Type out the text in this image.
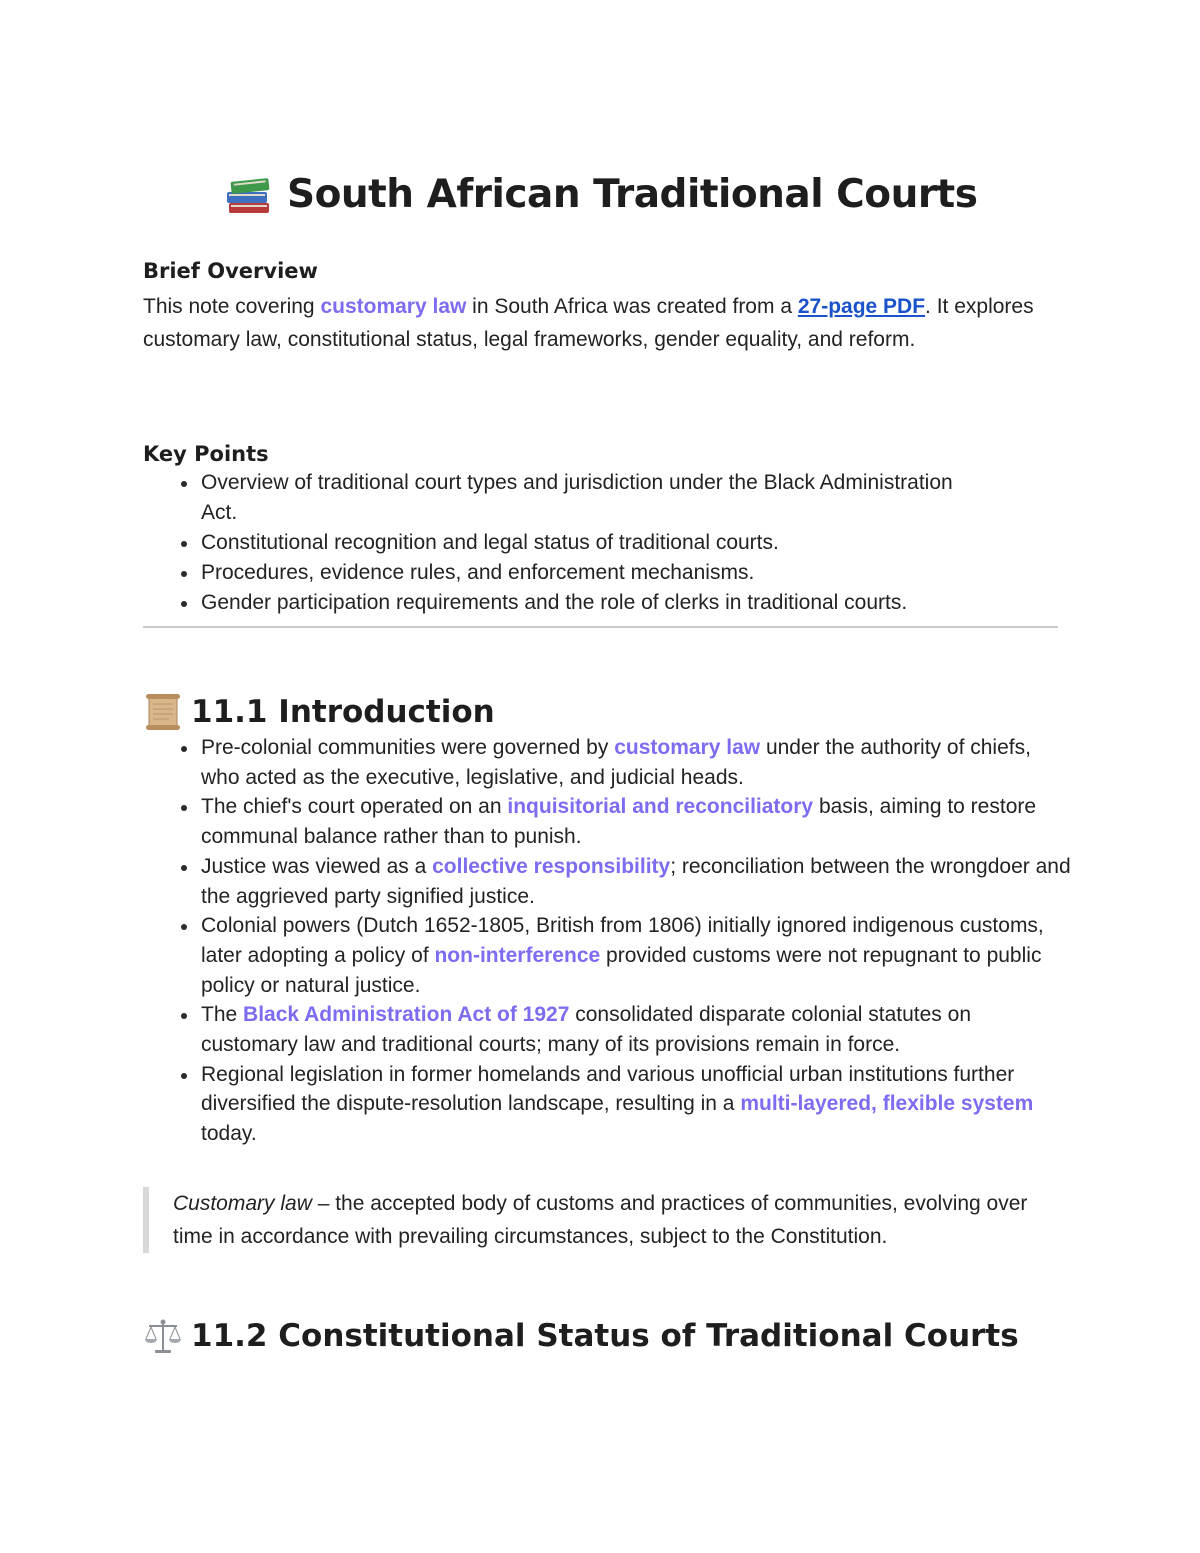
South African Traditional Courts
Brief Overview

This note covering customary law in South Africa was created from a 27-page PDF. It explores customary law, constitutional status, legal frameworks, gender equality, and reform.

Key Points
Overview of traditional court types and jurisdiction under the Black Administration Act.
Constitutional recognition and legal status of traditional courts.
Procedures, evidence rules, and enforcement mechanisms.
Gender participation requirements and the role of clerks in traditional courts.
11.1 Introduction
Pre-colonial communities were governed by customary law under the authority of chiefs, who acted as the executive, legislative, and judicial heads.
The chief's court operated on an inquisitorial and reconciliatory basis, aiming to restore communal balance rather than to punish.
Justice was viewed as a collective responsibility; reconciliation between the wrongdoer and the aggrieved party signified justice.
Colonial powers (Dutch 1652-1805, British from 1806) initially ignored indigenous customs, later adopting a policy of non-interference provided customs were not repugnant to public policy or natural justice.
The Black Administration Act of 1927 consolidated disparate colonial statutes on customary law and traditional courts; many of its provisions remain in force.
Regional legislation in former homelands and various unofficial urban institutions further diversified the dispute-resolution landscape, resulting in a multi-layered, flexible system today.
Customary law – the accepted body of customs and practices of communities, evolving over time in accordance with prevailing circumstances, subject to the Constitution.
11.2 Constitutional Status of Traditional Courts
